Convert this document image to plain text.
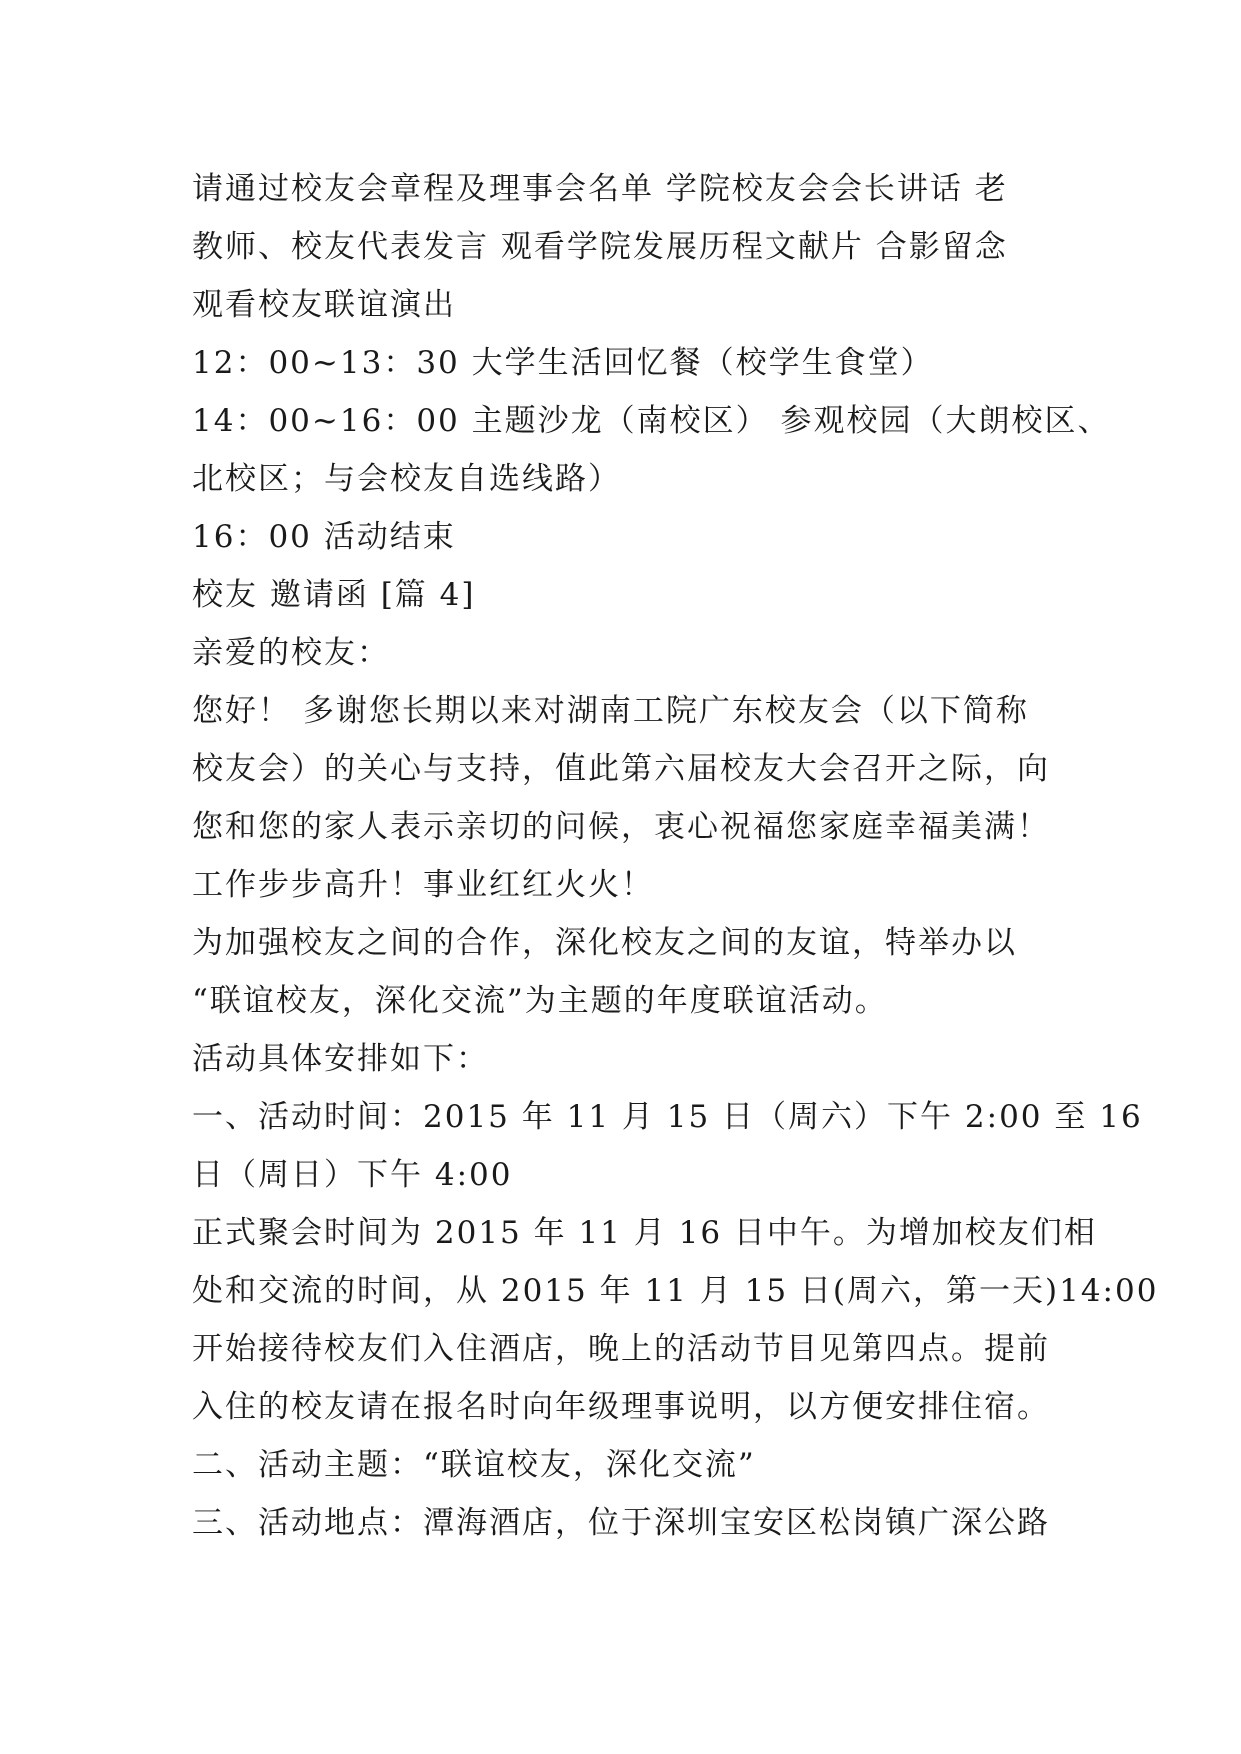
请通过校友会章程及理事会名单 学院校友会会长讲话 老
教师、校友代表发言 观看学院发展历程文献片 合影留念
观看校友联谊演出
12：00~13：30 大学生活回忆餐（校学生食堂）
14：00~16：00 主题沙龙（南校区） 参观校园（大朗校区、
北校区；与会校友自选线路）
16：00 活动结束
校友 邀请函 [篇 4]
亲爱的校友：
您好！ 多谢您长期以来对湖南工院广东校友会（以下简称
校友会）的关心与支持，值此第六届校友大会召开之际，向
您和您的家人表示亲切的问候，衷心祝福您家庭幸福美满！
工作步步高升！事业红红火火！
为加强校友之间的合作，深化校友之间的友谊，特举办以
“联谊校友，深化交流”为主题的年度联谊活动。
活动具体安排如下：
一、活动时间：2015 年 11 月 15 日（周六）下午 2:00 至 16
日（周日）下午 4:00
正式聚会时间为 2015 年 11 月 16 日中午。为增加校友们相
处和交流的时间，从 2015 年 11 月 15 日(周六，第一天)14:00
开始接待校友们入住酒店，晚上的活动节目见第四点。提前
入住的校友请在报名时向年级理事说明，以方便安排住宿。
二、活动主题：“联谊校友，深化交流”
三、活动地点：潭海酒店，位于深圳宝安区松岗镇广深公路
